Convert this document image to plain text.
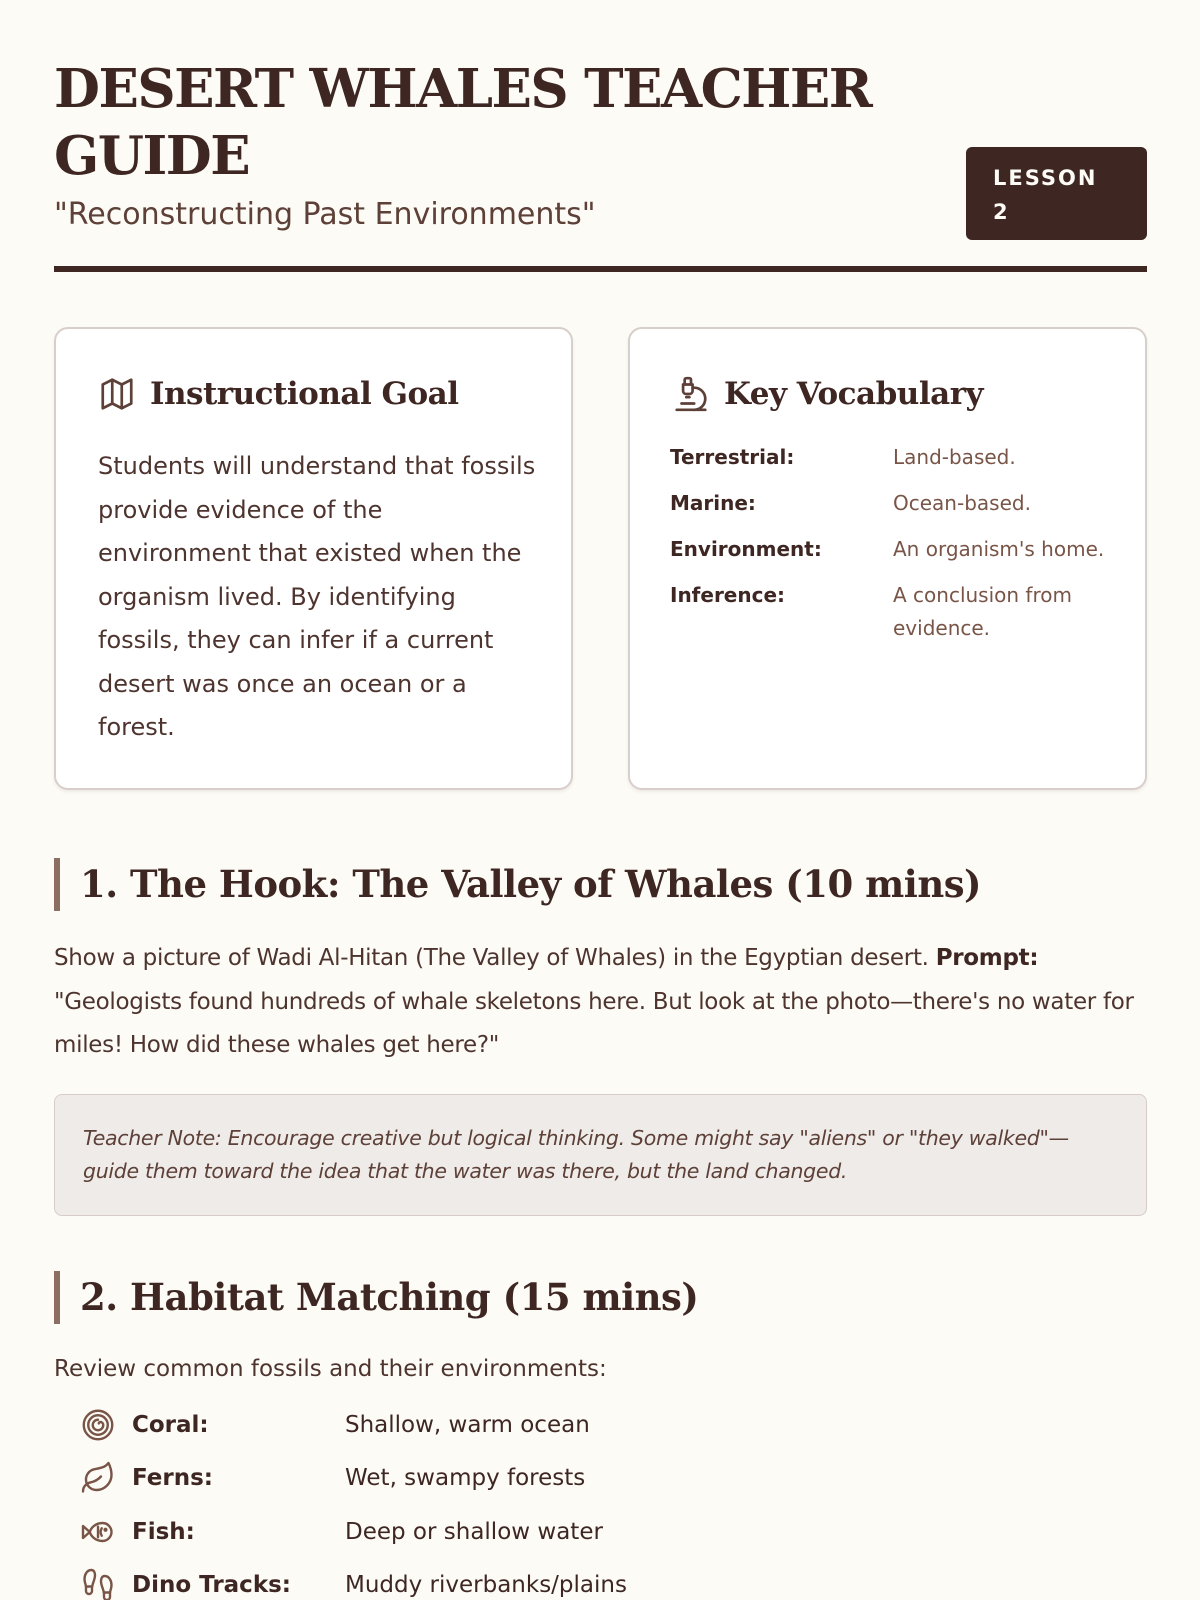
DESERT WHALES TEACHER GUIDE
"Reconstructing Past Environments"
LESSON 2
Instructional Goal

Students will understand that fossils provide evidence of the environment that existed when the organism lived. By identifying fossils, they can infer if a current desert was once an ocean or a forest.

Key Vocabulary
Terrestrial:	Land-based.
Marine:	Ocean-based.
Environment:	An organism's home.
Inference:	A conclusion from evidence.
1. The Hook: The Valley of Whales (10 mins)

Show a picture of Wadi Al-Hitan (The Valley of Whales) in the Egyptian desert. Prompt: "Geologists found hundreds of whale skeletons here. But look at the photo—there's no water for miles! How did these whales get here?"

Teacher Note: Encourage creative but logical thinking. Some might say "aliens" or "they walked"—guide them toward the idea that the water was there, but the land changed.
2. Habitat Matching (15 mins)

Review common fossils and their environments:

Coral:	Shallow, warm ocean
Ferns:	Wet, swampy forests
Fish:	Deep or shallow water
Dino Tracks:	Muddy riverbanks/plains
